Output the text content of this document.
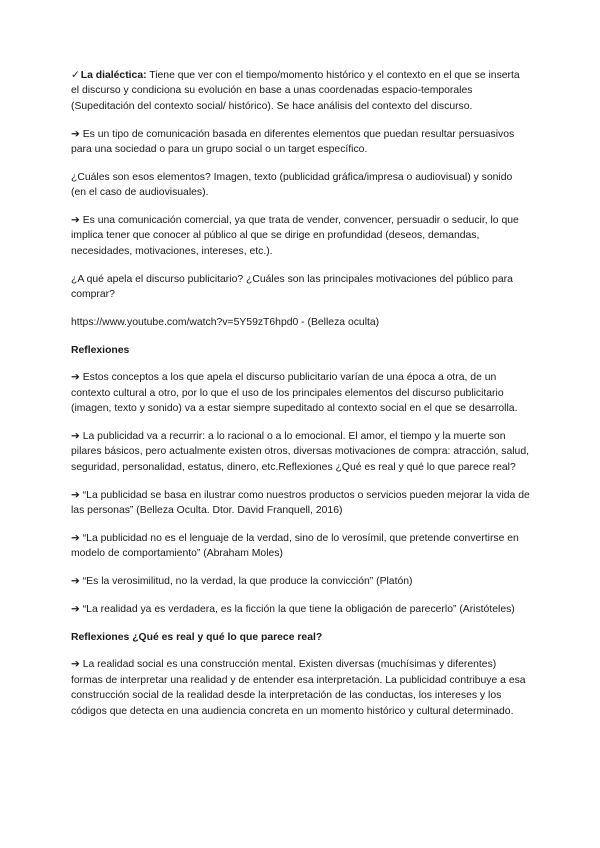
✓La dialéctica: Tiene que ver con el tiempo/momento histórico y el contexto en el que se inserta el discurso y condiciona su evolución en base a unas coordenadas espacio-temporales (Supeditación del contexto social/ histórico). Se hace análisis del contexto del discurso.

➔ Es un tipo de comunicación basada en diferentes elementos que puedan resultar persuasivos para una sociedad o para un grupo social o un target específico.

¿Cuáles son esos elementos? Imagen, texto (publicidad gráfica/impresa o audiovisual) y sonido (en el caso de audiovisuales).

➔ Es una comunicación comercial, ya que trata de vender, convencer, persuadir o seducir, lo que implica tener que conocer al público al que se dirige en profundidad (deseos, demandas, necesidades, motivaciones, intereses, etc.).

¿A qué apela el discurso publicitario? ¿Cuáles son las principales motivaciones del público para comprar?

https://www.youtube.com/watch?v=5Y59zT6hpd0 - (Belleza oculta)

Reflexiones

➔ Estos conceptos a los que apela el discurso publicitario varían de una época a otra, de un contexto cultural a otro, por lo que el uso de los principales elementos del discurso publicitario (imagen, texto y sonido) va a estar siempre supeditado al contexto social en el que se desarrolla.

➔ La publicidad va a recurrir: a lo racional o a lo emocional. El amor, el tiempo y la muerte son pilares básicos, pero actualmente existen otros, diversas motivaciones de compra: atracción, salud, seguridad, personalidad, estatus, dinero, etc.Reflexiones ¿Qué es real y qué lo que parece real?

➔ “La publicidad se basa en ilustrar como nuestros productos o servicios pueden mejorar la vida de las personas” (Belleza Oculta. Dtor. David Franquell, 2016)

➔ “La publicidad no es el lenguaje de la verdad, sino de lo verosímil, que pretende convertirse en modelo de comportamiento” (Abraham Moles)

➔ “Es la verosimilitud, no la verdad, la que produce la convicción” (Platón)

➔ “La realidad ya es verdadera, es la ficción la que tiene la obligación de parecerlo” (Aristóteles)

Reflexiones ¿Qué es real y qué lo que parece real?

➔ La realidad social es una construcción mental. Existen diversas (muchísimas y diferentes) formas de interpretar una realidad y de entender esa interpretación. La publicidad contribuye a esa construcción social de la realidad desde la interpretación de las conductas, los intereses y los códigos que detecta en una audiencia concreta en un momento histórico y cultural determinado.
